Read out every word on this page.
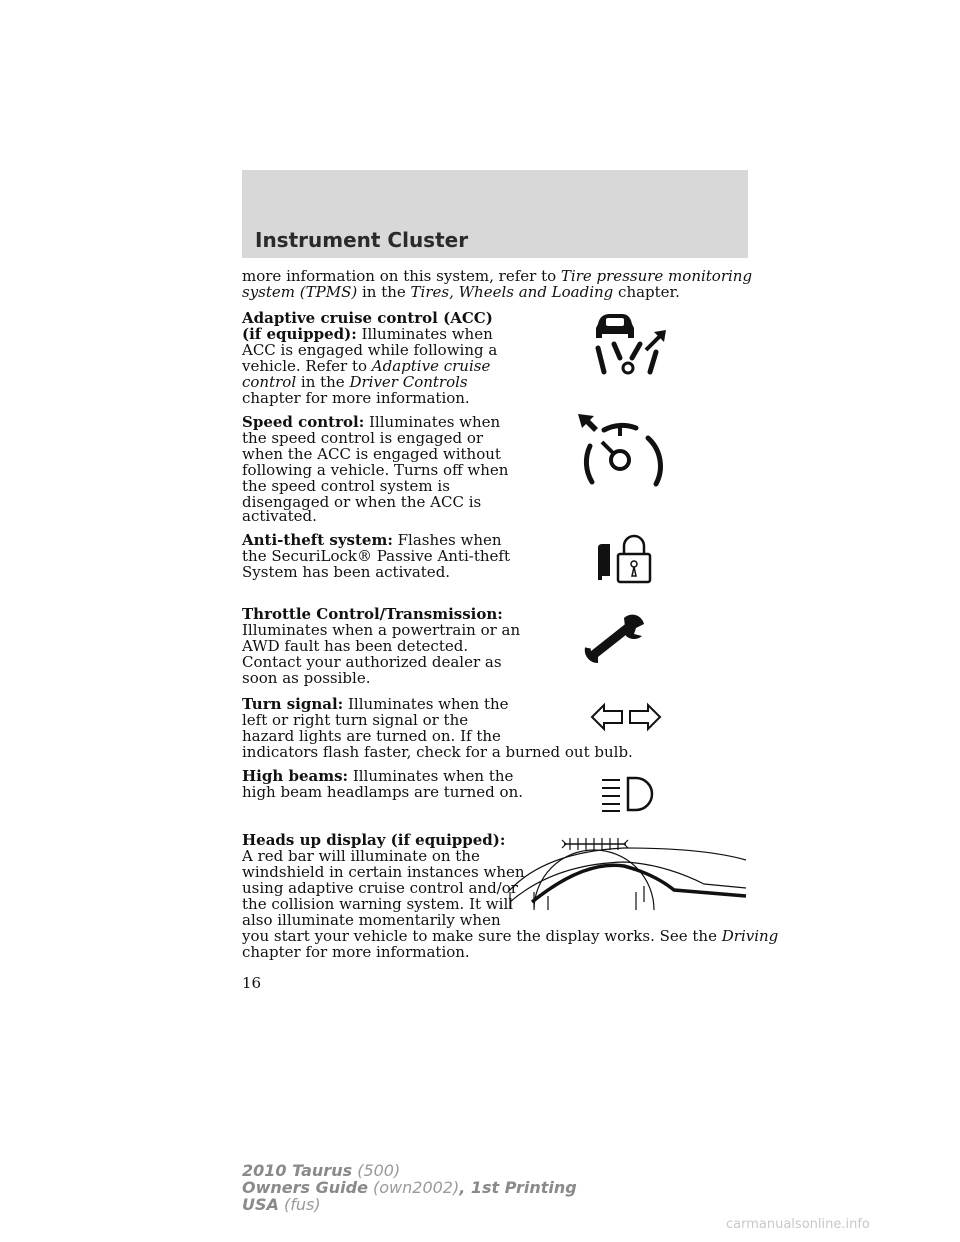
Instrument Cluster
more information on this system, refer to Tire pressure monitoring
system (TPMS) in the Tires, Wheels and Loading chapter.
Adaptive cruise control (ACC)
(if equipped): Illuminates when
ACC is engaged while following a
vehicle. Refer to Adaptive cruise
control in the Driver Controls
chapter for more information.
Speed control: Illuminates when
the speed control is engaged or
when the ACC is engaged without
following a vehicle. Turns off when
the speed control system is
disengaged or when the ACC is
activated.
Anti-theft system: Flashes when
the SecuriLock® Passive Anti-theft
System has been activated.
Throttle Control/Transmission:
Illuminates when a powertrain or an
AWD fault has been detected.
Contact your authorized dealer as
soon as possible.
Turn signal: Illuminates when the
left or right turn signal or the
hazard lights are turned on. If the
indicators flash faster, check for a burned out bulb.
High beams: Illuminates when the
high beam headlamps are turned on.
Heads up display (if equipped):
A red bar will illuminate on the
windshield in certain instances when
using adaptive cruise control and/or
the collision warning system. It will
also illuminate momentarily when
you start your vehicle to make sure the display works. See the Driving
chapter for more information.
16
2010 Taurus (500)
Owners Guide (own2002), 1st Printing
USA (fus)
carmanualsonline.info
